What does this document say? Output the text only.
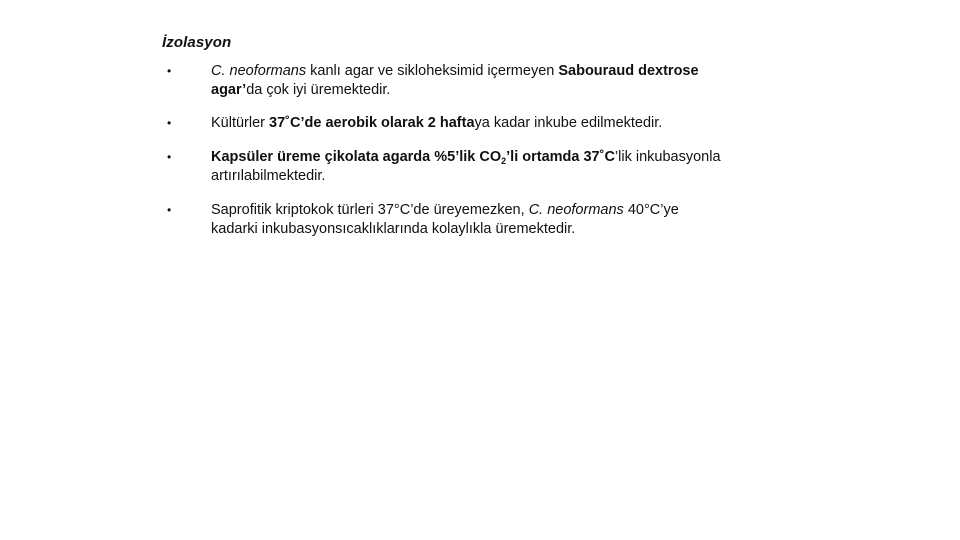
İzolasyon
•	C. neoformans kanlı agar ve sikloheksimid içermeyen Sabouraud dextrose
agar’da çok iyi üremektedir.
•	Kültürler 37˚C’de aerobik olarak 2 haftaya kadar inkube edilmektedir.
•	Kapsüler üreme çikolata agarda %5’lik $CO_2’li$ ortamda 37˚C’lik inkubasyonla
artırılabilmektedir.
•	Saprofitik kriptokok türleri 37°C’de üreyemezken, C. neoformans 40°C’ye
kadarki inkubasyonsıcaklıklarında kolaylıkla üremektedir.
